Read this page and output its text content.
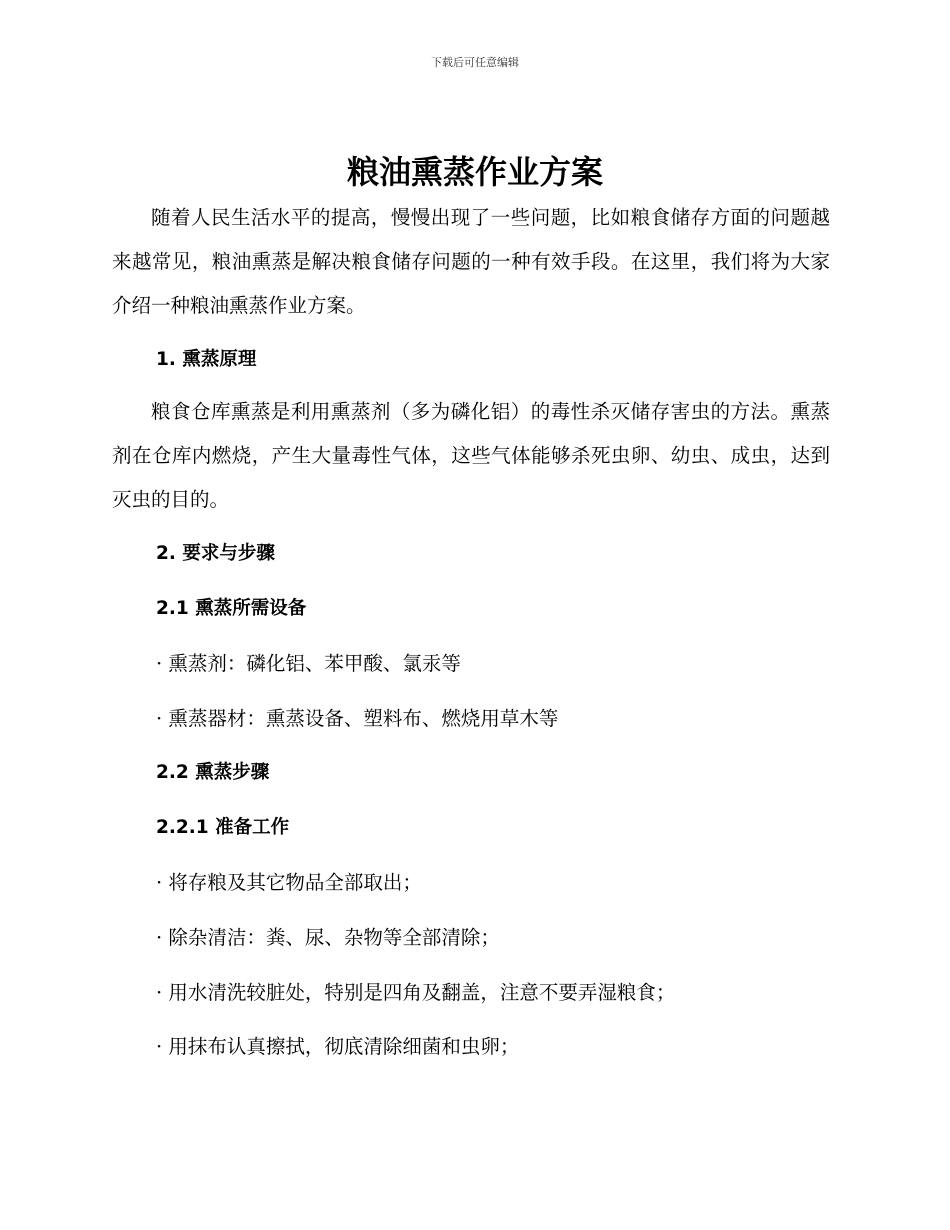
下载后可任意编辑
粮油熏蒸作业方案

随着人民生活水平的提高，慢慢出现了一些问题，比如粮食储存方面的问题越来越常见，粮油熏蒸是解决粮食储存问题的一种有效手段。在这里，我们将为大家介绍一种粮油熏蒸作业方案。

1. 熏蒸原理

粮食仓库熏蒸是利用熏蒸剂（多为磷化铝）的毒性杀灭储存害虫的方法。熏蒸剂在仓库内燃烧，产生大量毒性气体，这些气体能够杀死虫卵、幼虫、成虫，达到灭虫的目的。

2. 要求与步骤
2.1 熏蒸所需设备
· 熏蒸剂：磷化铝、苯甲酸、氯汞等
· 熏蒸器材：熏蒸设备、塑料布、燃烧用草木等
2.2 熏蒸步骤
2.2.1 准备工作
· 将存粮及其它物品全部取出；
· 除杂清洁：粪、尿、杂物等全部清除；
· 用水清洗较脏处，特别是四角及翻盖，注意不要弄湿粮食；
· 用抹布认真擦拭，彻底清除细菌和虫卵；
